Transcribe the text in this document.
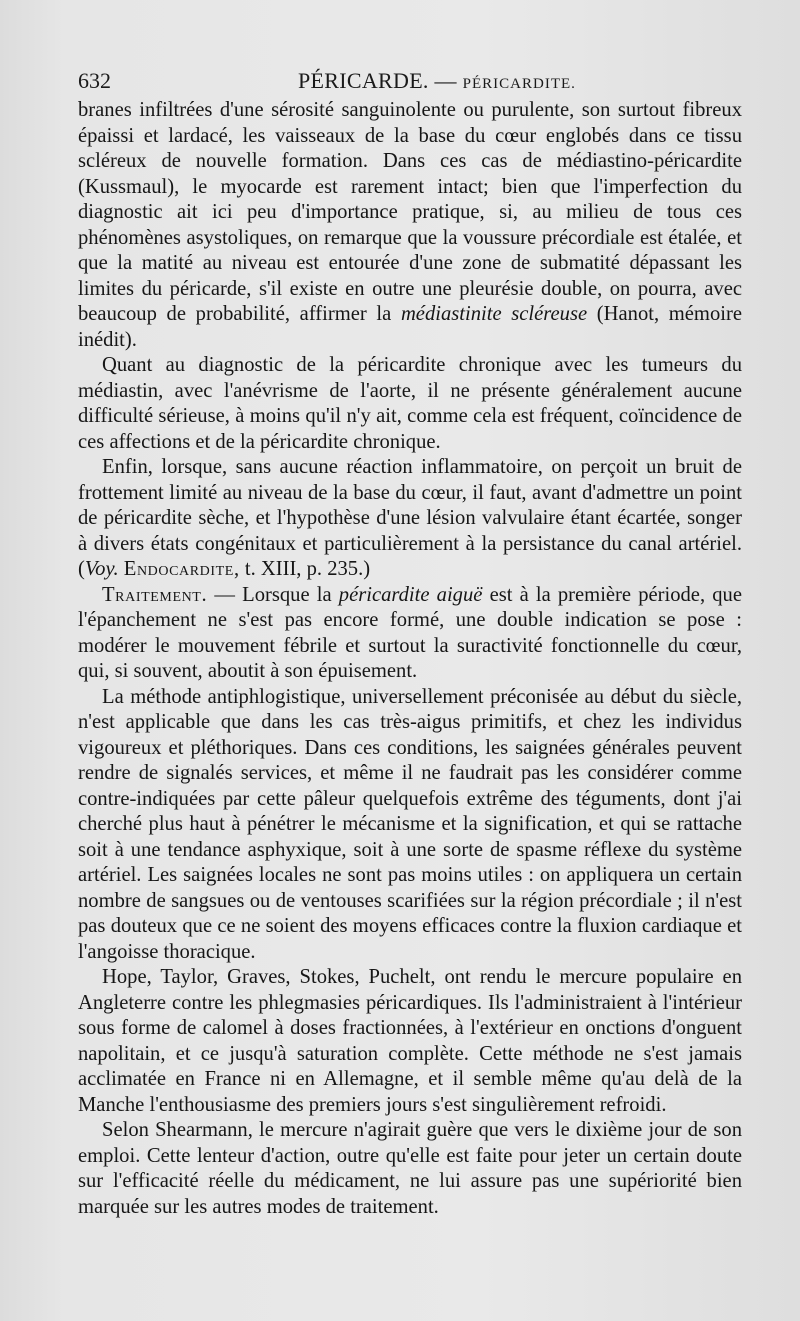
632	PÉRICARDE. — PÉRICARDITE.

branes infiltrées d'une sérosité sanguinolente ou purulente, son surtout fibreux épaissi et lardacé, les vaisseaux de la base du cœur englobés dans ce tissu scléreux de nouvelle formation. Dans ces cas de médiastino-péricardite (Kussmaul), le myocarde est rarement intact; bien que l'imperfection du diagnostic ait ici peu d'importance pratique, si, au milieu de tous ces phénomènes asystoliques, on remarque que la voussure précordiale est étalée, et que la matité au niveau est entourée d'une zone de submatité dépassant les limites du péricarde, s'il existe en outre une pleurésie double, on pourra, avec beaucoup de probabilité, affirmer la médiastinite scléreuse (Hanot, mémoire inédit).

Quant au diagnostic de la péricardite chronique avec les tumeurs du médiastin, avec l'anévrisme de l'aorte, il ne présente généralement aucune difficulté sérieuse, à moins qu'il n'y ait, comme cela est fréquent, coïncidence de ces affections et de la péricardite chronique.

Enfin, lorsque, sans aucune réaction inflammatoire, on perçoit un bruit de frottement limité au niveau de la base du cœur, il faut, avant d'admettre un point de péricardite sèche, et l'hypothèse d'une lésion valvulaire étant écartée, songer à divers états congénitaux et particulièrement à la persistance du canal artériel. (Voy. Endocardite, t. XIII, p. 235.)

Traitement. — Lorsque la péricardite aiguë est à la première période, que l'épanchement ne s'est pas encore formé, une double indication se pose : modérer le mouvement fébrile et surtout la suractivité fonctionnelle du cœur, qui, si souvent, aboutit à son épuisement.

La méthode antiphlogistique, universellement préconisée au début du siècle, n'est applicable que dans les cas très-aigus primitifs, et chez les individus vigoureux et pléthoriques. Dans ces conditions, les saignées générales peuvent rendre de signalés services, et même il ne faudrait pas les considérer comme contre-indiquées par cette pâleur quelquefois extrême des téguments, dont j'ai cherché plus haut à pénétrer le mécanisme et la signification, et qui se rattache soit à une tendance asphyxique, soit à une sorte de spasme réflexe du système artériel. Les saignées locales ne sont pas moins utiles : on appliquera un certain nombre de sangsues ou de ventouses scarifiées sur la région précordiale ; il n'est pas douteux que ce ne soient des moyens efficaces contre la fluxion cardiaque et l'angoisse thoracique.

Hope, Taylor, Graves, Stokes, Puchelt, ont rendu le mercure populaire en Angleterre contre les phlegmasies péricardiques. Ils l'administraient à l'intérieur sous forme de calomel à doses fractionnées, à l'extérieur en onctions d'onguent napolitain, et ce jusqu'à saturation complète. Cette méthode ne s'est jamais acclimatée en France ni en Allemagne, et il semble même qu'au delà de la Manche l'enthousiasme des premiers jours s'est singulièrement refroidi.

Selon Shearmann, le mercure n'agirait guère que vers le dixième jour de son emploi. Cette lenteur d'action, outre qu'elle est faite pour jeter un certain doute sur l'efficacité réelle du médicament, ne lui assure pas une supériorité bien marquée sur les autres modes de traitement.
